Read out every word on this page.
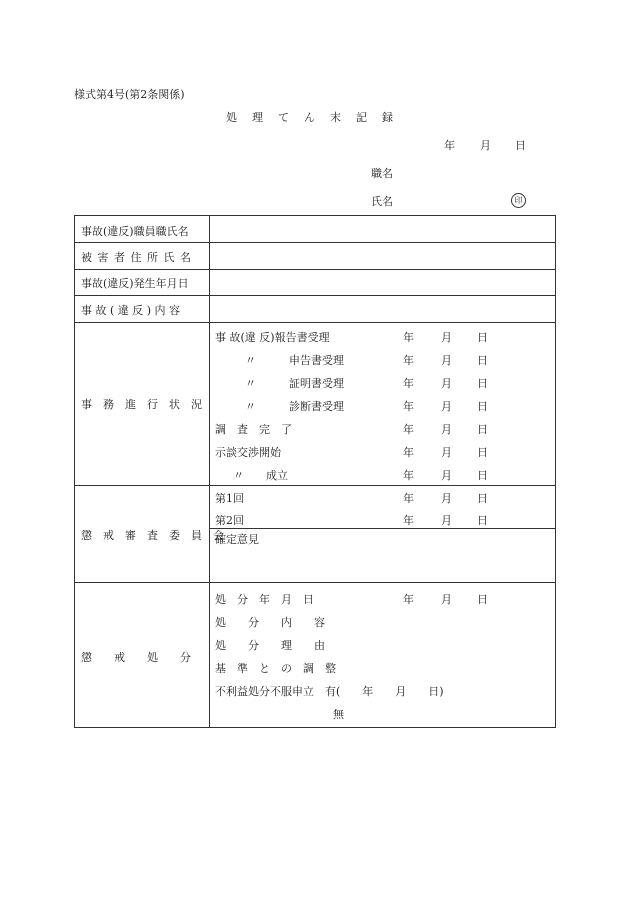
様式第4号(第2条関係)
処　理　て　ん　末　記　録
年 月 日
職名
氏名	印
事故(違反)職員職氏名
被 害 者 住 所 氏 名
事故(違反)発生年月日
事 故 ( 違 反 ) 内 容
事　務　進　行　状　況
事 故(違 反)報告書受理	年 月 日
〃　　　申告書受理	年 月 日
〃　　　証明書受理	年 月 日
〃　　　診断書受理	年 月 日
調　査　完　了	年 月 日
示談交渉開始	年 月 日
〃　　成立	年 月 日
懲　戒　審　査　委　員　会
第1回	年 月 日
第2回	年 月 日
確定意見
懲　　戒　　処　　分
処　分　年　月　日	年 月 日
処　　分　　内　　容
処　　分　　理　　由
基　準　と　の　調　整
不利益処分不服申立　有(　　年　　月　　日)
無
